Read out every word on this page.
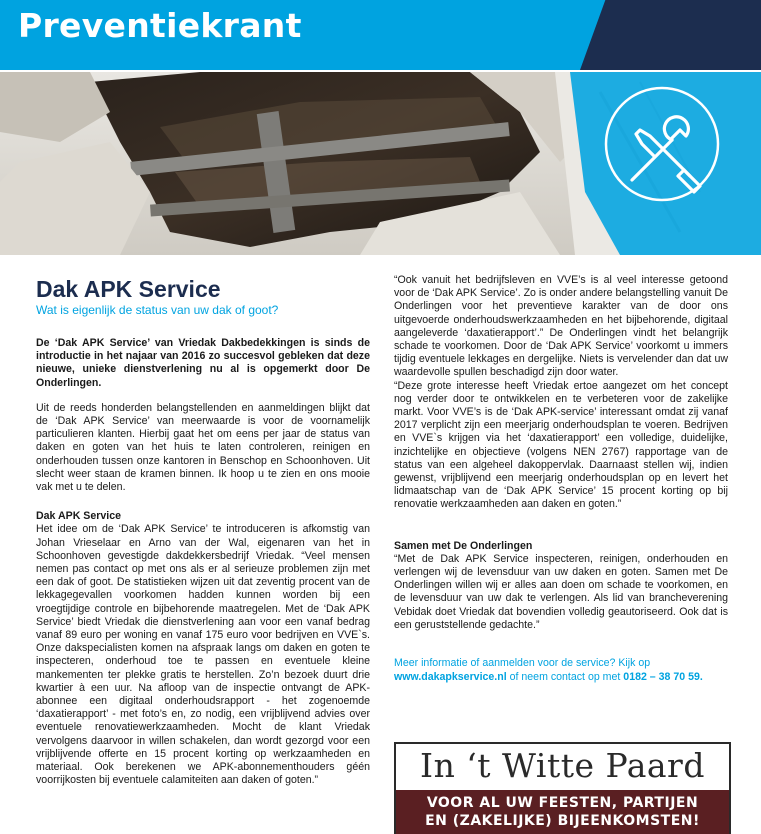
Preventiekrant
Dak APK Service
Wat is eigenlijk de status van uw dak of goot?

De ‘Dak APK Service’ van Vriedak Dakbedekkingen is sinds de introductie in het najaar van 2016 zo succesvol gebleken dat deze nieuwe, unieke dienstverlening nu al is opgemerkt door De Onderlingen.

Uit de reeds honderden belangstellenden en aanmeldingen blijkt dat de ‘Dak APK Service’ van meerwaarde is voor de voornamelijk particulieren klanten. Hierbij gaat het om eens per jaar de status van daken en goten van het huis te laten controleren, reinigen en onderhouden tussen onze kantoren in Benschop en Schoonhoven. Uit slecht weer staan de kramen binnen. Ik hoop u te zien en ons mooie vak met u te delen.

Dak APK Service

Het idee om de ‘Dak APK Service’ te introduceren is afkomstig van Johan Vrieselaar en Arno van der Wal, eigenaren van het in Schoonhoven gevestigde dakdekkersbedrijf Vriedak. “Veel mensen nemen pas contact op met ons als er al serieuze problemen zijn met een dak of goot. De statistieken wijzen uit dat zeventig procent van de lekkagegevallen voorkomen hadden kunnen worden bij een vroegtijdige controle en bijbehorende maatregelen. Met de ‘Dak APK Service’ biedt Vriedak die dienstverlening aan voor een vanaf bedrag vanaf 89 euro per woning en vanaf 175 euro voor bedrijven en VVE`s. Onze dakspecialisten komen na afspraak langs om daken en goten te inspecteren, onderhoud toe te passen en eventuele kleine mankementen ter plekke gratis te herstellen. Zo’n bezoek duurt drie kwartier à een uur. Na afloop van de inspectie ontvangt de APK-abonnee een digitaal onderhoudsrapport - het zogenoemde ‘daxatierapport’ - met foto’s en, zo nodig, een vrijblijvend advies over eventuele renovatiewerkzaamheden. Mocht de klant Vriedak vervolgens daarvoor in willen schakelen, dan wordt gezorgd voor een vrijblijvende offerte en 15 procent korting op werkzaamheden en materiaal. Ook berekenen we APK-abonnementhouders géén voorrijkosten bij eventuele calamiteiten aan daken of goten.”

“Ook vanuit het bedrijfsleven en VVE’s is al veel interesse getoond voor de ‘Dak APK Service’. Zo is onder andere belangstelling vanuit De Onderlingen voor het preventieve karakter van de door ons uitgevoerde onderhoudswerkzaamheden en het bijbehorende, digitaal aangeleverde ‘daxatierapport’.” De Onderlingen vindt het belangrijk schade te voorkomen. Door de ‘Dak APK Service’ voorkomt u immers tijdig eventuele lekkages en dergelijke. Niets is vervelender dan dat uw waardevolle spullen beschadigd zijn door water.

“Deze grote interesse heeft Vriedak ertoe aangezet om het concept nog verder door te ontwikkelen en te verbeteren voor de zakelijke markt. Voor VVE’s is de ‘Dak APK-service’ interessant omdat zij vanaf 2017 verplicht zijn een meerjarig onderhoudsplan te voeren. Bedrijven en VVE`s krijgen via het ‘daxatierapport’ een volledige, duidelijke, inzichtelijke en objectieve (volgens NEN 2767) rapportage van de status van een algeheel dakoppervlak. Daarnaast stellen wij, indien gewenst, vrijblijvend een meerjarig onderhoudsplan op en levert het lidmaatschap van de ‘Dak APK Service’ 15 procent korting op bij renovatie werkzaamheden aan daken en goten.”

Samen met De Onderlingen

“Met de Dak APK Service inspecteren, reinigen, onderhouden en verlengen wij de levensduur van uw daken en goten. Samen met De Onderlingen willen wij er alles aan doen om schade te voorkomen, en de levensduur van uw dak te verlengen. Als lid van brancheverening Vebidak doet Vriedak dat bovendien volledig geautoriseerd. Ook dat is een geruststellende gedachte.”

Meer informatie of aanmelden voor de service? Kijk op
www.dakapkservice.nl of neem contact op met 0182 – 38 70 59.

In ‘t Witte Paard
VOOR AL UW FEESTEN, PARTIJEN
EN (ZAKELIJKE) BIJEENKOMSTEN!
